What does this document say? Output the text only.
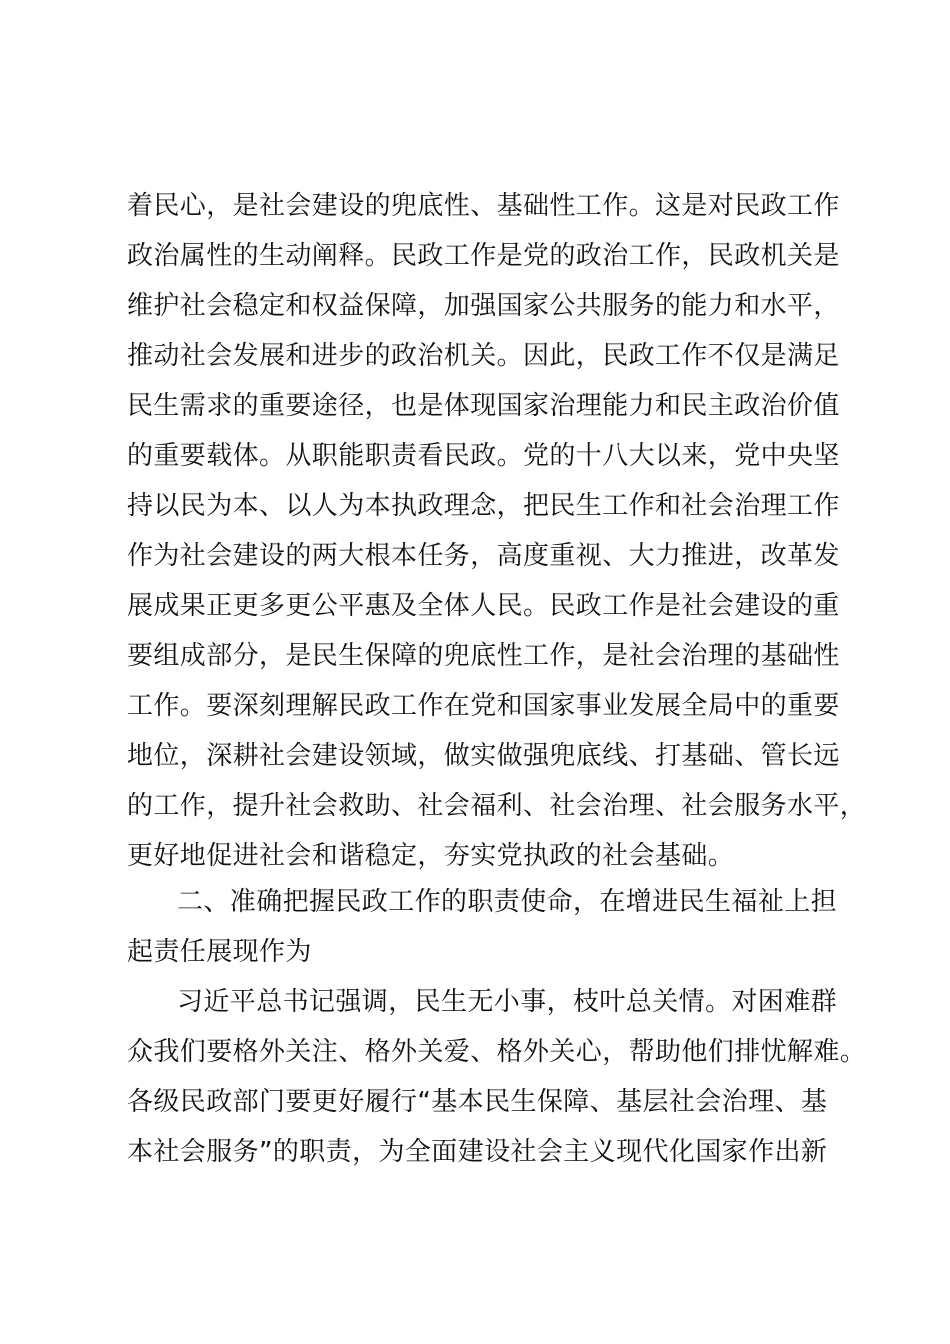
着民心，是社会建设的兜底性、基础性工作。这是对民政工作
政治属性的生动阐释。民政工作是党的政治工作，民政机关是
维护社会稳定和权益保障，加强国家公共服务的能力和水平，
推动社会发展和进步的政治机关。因此，民政工作不仅是满足
民生需求的重要途径，也是体现国家治理能力和民主政治价值
的重要载体。从职能职责看民政。党的十八大以来，党中央坚
持以民为本、以人为本执政理念，把民生工作和社会治理工作
作为社会建设的两大根本任务，高度重视、大力推进，改革发
展成果正更多更公平惠及全体人民。民政工作是社会建设的重
要组成部分，是民生保障的兜底性工作，是社会治理的基础性
工作。要深刻理解民政工作在党和国家事业发展全局中的重要
地位，深耕社会建设领域，做实做强兜底线、打基础、管长远
的工作，提升社会救助、社会福利、社会治理、社会服务水平，
更好地促进社会和谐稳定，夯实党执政的社会基础。
二、准确把握民政工作的职责使命，在增进民生福祉上担
起责任展现作为
习近平总书记强调，民生无小事，枝叶总关情。对困难群
众我们要格外关注、格外关爱、格外关心，帮助他们排忧解难。
各级民政部门要更好履行“基本民生保障、基层社会治理、基
本社会服务”的职责，为全面建设社会主义现代化国家作出新
